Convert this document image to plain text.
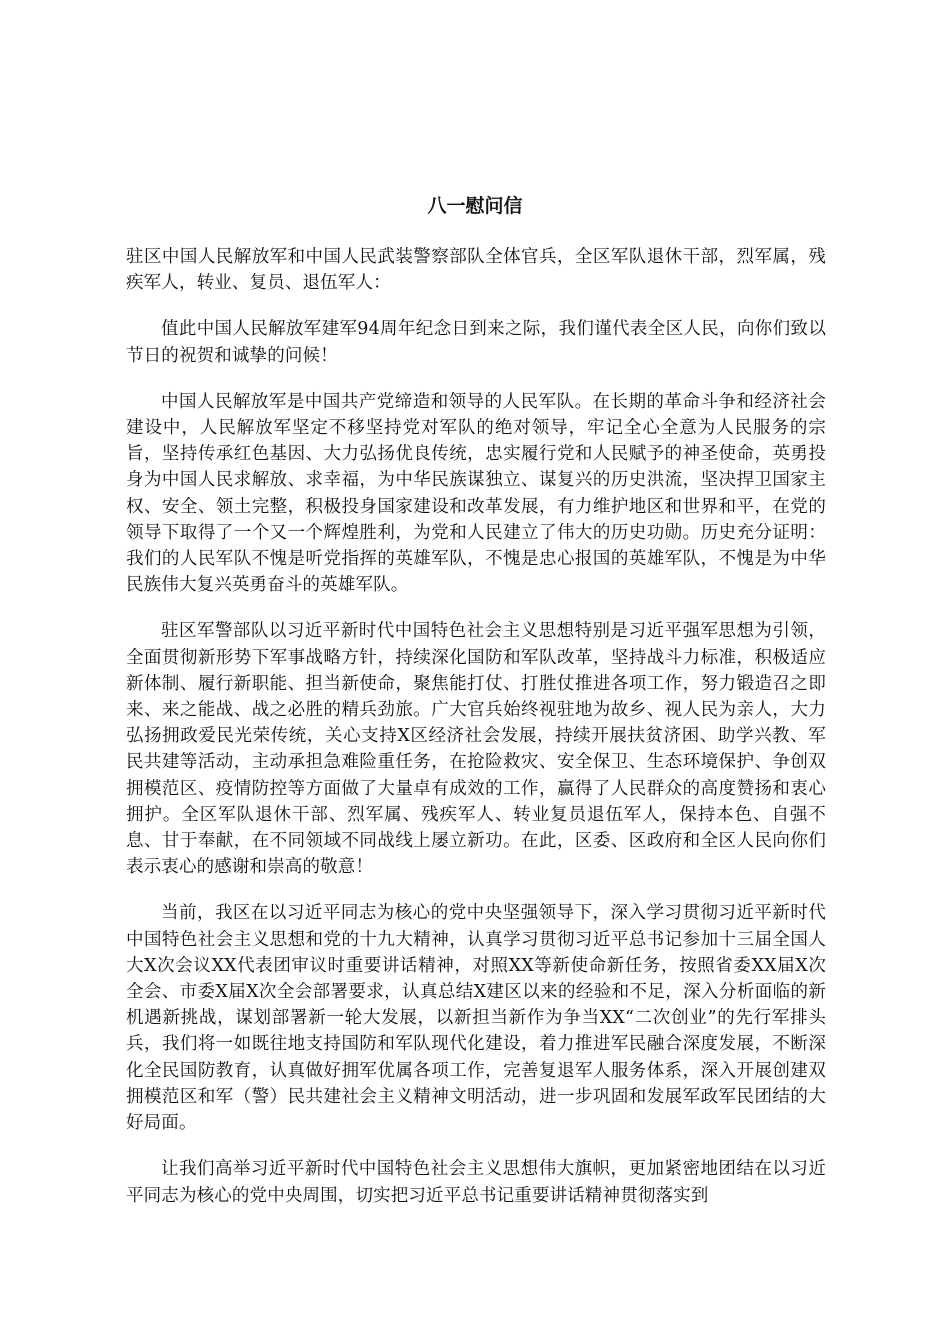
八一慰问信

驻区中国人民解放军和中国人民武装警察部队全体官兵，全区军队退休干部，烈军属，残疾军人，转业、复员、退伍军人：

值此中国人民解放军建军94周年纪念日到来之际，我们谨代表全区人民，向你们致以节日的祝贺和诚挚的问候！

中国人民解放军是中国共产党缔造和领导的人民军队。在长期的革命斗争和经济社会建设中，人民解放军坚定不移坚持党对军队的绝对领导，牢记全心全意为人民服务的宗旨，坚持传承红色基因、大力弘扬优良传统，忠实履行党和人民赋予的神圣使命，英勇投身为中国人民求解放、求幸福，为中华民族谋独立、谋复兴的历史洪流，坚决捍卫国家主权、安全、领土完整，积极投身国家建设和改革发展，有力维护地区和世界和平，在党的领导下取得了一个又一个辉煌胜利，为党和人民建立了伟大的历史功勋。历史充分证明：我们的人民军队不愧是听党指挥的英雄军队，不愧是忠心报国的英雄军队，不愧是为中华民族伟大复兴英勇奋斗的英雄军队。

驻区军警部队以习近平新时代中国特色社会主义思想特别是习近平强军思想为引领，全面贯彻新形势下军事战略方针，持续深化国防和军队改革，坚持战斗力标准，积极适应新体制、履行新职能、担当新使命，聚焦能打仗、打胜仗推进各项工作，努力锻造召之即来、来之能战、战之必胜的精兵劲旅。广大官兵始终视驻地为故乡、视人民为亲人，大力弘扬拥政爱民光荣传统，关心支持X区经济社会发展，持续开展扶贫济困、助学兴教、军民共建等活动，主动承担急难险重任务，在抢险救灾、安全保卫、生态环境保护、争创双拥模范区、疫情防控等方面做了大量卓有成效的工作，赢得了人民群众的高度赞扬和衷心拥护。全区军队退休干部、烈军属、残疾军人、转业复员退伍军人，保持本色、自强不息、甘于奉献，在不同领域不同战线上屡立新功。在此，区委、区政府和全区人民向你们表示衷心的感谢和崇高的敬意！

当前，我区在以习近平同志为核心的党中央坚强领导下，深入学习贯彻习近平新时代中国特色社会主义思想和党的十九大精神，认真学习贯彻习近平总书记参加十三届全国人大X次会议XX代表团审议时重要讲话精神，对照XX等新使命新任务，按照省委XX届X次全会、市委X届X次全会部署要求，认真总结X建区以来的经验和不足，深入分析面临的新机遇新挑战，谋划部署新一轮大发展，以新担当新作为争当XX“二次创业”的先行军排头兵，我们将一如既往地支持国防和军队现代化建设，着力推进军民融合深度发展，不断深化全民国防教育，认真做好拥军优属各项工作，完善复退军人服务体系，深入开展创建双拥模范区和军（警）民共建社会主义精神文明活动，进一步巩固和发展军政军民团结的大好局面。

让我们高举习近平新时代中国特色社会主义思想伟大旗帜，更加紧密地团结在以习近平同志为核心的党中央周围，切实把习近平总书记重要讲话精神贯彻落实到
